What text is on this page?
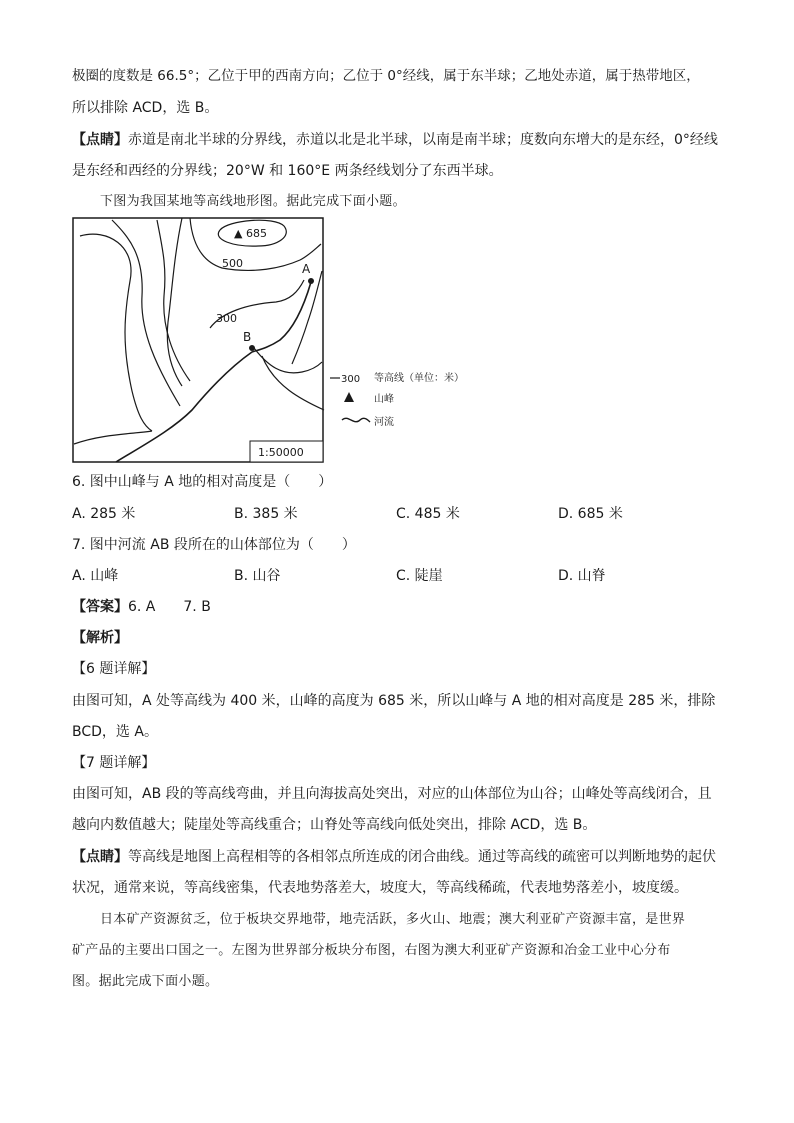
极圈的度数是 66.5°；乙位于甲的西南方向；乙位于 0°经线，属于东半球；乙地处赤道，属于热带地区，
所以排除 ACD，选 B。
【点睛】赤道是南北半球的分界线，赤道以北是北半球，以南是南半球；度数向东增大的是东经，0°经线
是东经和西经的分界线；20°W 和 160°E 两条经线划分了东西半球。
下图为我国某地等高线地形图。据此完成下面小题。
A
B
▲ 685
500
300
1:50000
300 等高线（单位：米）
山峰
河流
6. 图中山峰与 A 地的相对高度是（　　）
A. 285 米	B. 385 米	C. 485 米	D. 685 米
7. 图中河流 AB 段所在的山体部位为（　　）
A. 山峰	B. 山谷	C. 陡崖	D. 山脊
【答案】6. A　　7. B
【解析】
【6 题详解】
由图可知，A 处等高线为 400 米，山峰的高度为 685 米，所以山峰与 A 地的相对高度是 285 米，排除
BCD，选 A。
【7 题详解】
由图可知，AB 段的等高线弯曲，并且向海拔高处突出，对应的山体部位为山谷；山峰处等高线闭合，且
越向内数值越大；陡崖处等高线重合；山脊处等高线向低处突出，排除 ACD，选 B。
【点睛】等高线是地图上高程相等的各相邻点所连成的闭合曲线。通过等高线的疏密可以判断地势的起伏
状况，通常来说，等高线密集，代表地势落差大，坡度大，等高线稀疏，代表地势落差小，坡度缓。
日本矿产资源贫乏，位于板块交界地带，地壳活跃，多火山、地震；澳大利亚矿产资源丰富，是世界
矿产品的主要出口国之一。左图为世界部分板块分布图，右图为澳大利亚矿产资源和冶金工业中心分布
图。据此完成下面小题。
